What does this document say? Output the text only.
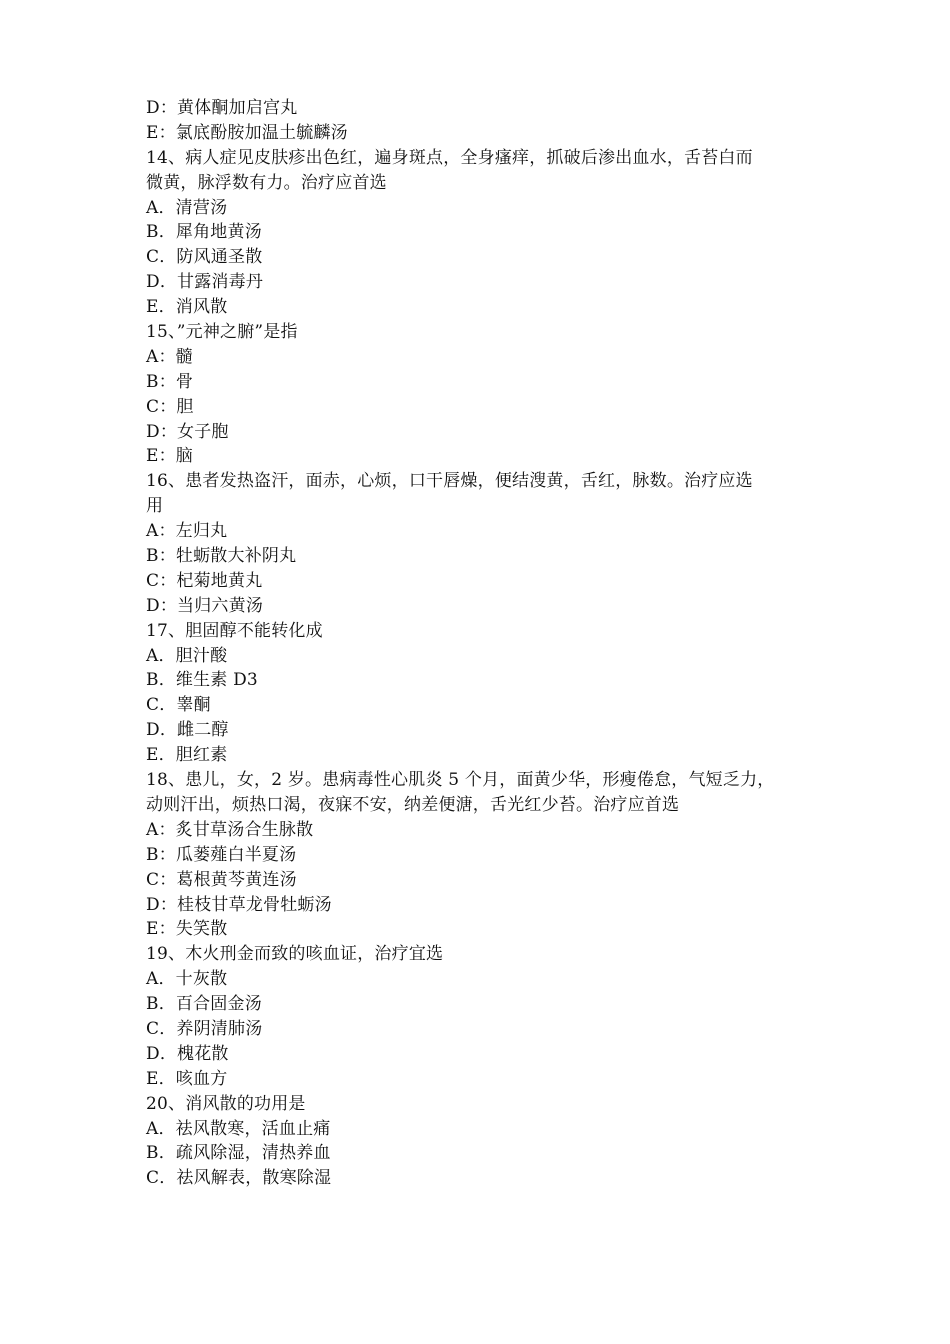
D：黄体酮加启宫丸
E：氯底酚胺加温土毓麟汤
14、病人症见皮肤疹出色红，遍身斑点，全身瘙痒，抓破后渗出血水，舌苔白而
微黄，脉浮数有力。治疗应首选
A．清营汤
B．犀角地黄汤
C．防风通圣散
D．甘露消毒丹
E．消风散
15、”元神之腑”是指
A：髓
B：骨
C：胆
D：女子胞
E：脑
16、患者发热盗汗，面赤，心烦，口干唇燥，便结溲黄，舌红，脉数。治疗应选
用
A：左归丸
B：牡蛎散大补阴丸
C：杞菊地黄丸
D：当归六黄汤
17、胆固醇不能转化成
A．胆汁酸
B．维生素 D3
C．睾酮
D．雌二醇
E．胆红素
18、患儿，女，2 岁。患病毒性心肌炎 5 个月，面黄少华，形瘦倦怠，气短乏力，
动则汗出，烦热口渴，夜寐不安，纳差便溏，舌光红少苔。治疗应首选
A：炙甘草汤合生脉散
B：瓜蒌薤白半夏汤
C：葛根黄芩黄连汤
D：桂枝甘草龙骨牡蛎汤
E：失笑散
19、木火刑金而致的咳血证，治疗宜选
A．十灰散
B．百合固金汤
C．养阴清肺汤
D．槐花散
E．咳血方
20、消风散的功用是
A．祛风散寒，活血止痛
B．疏风除湿，清热养血
C．祛风解表，散寒除湿
